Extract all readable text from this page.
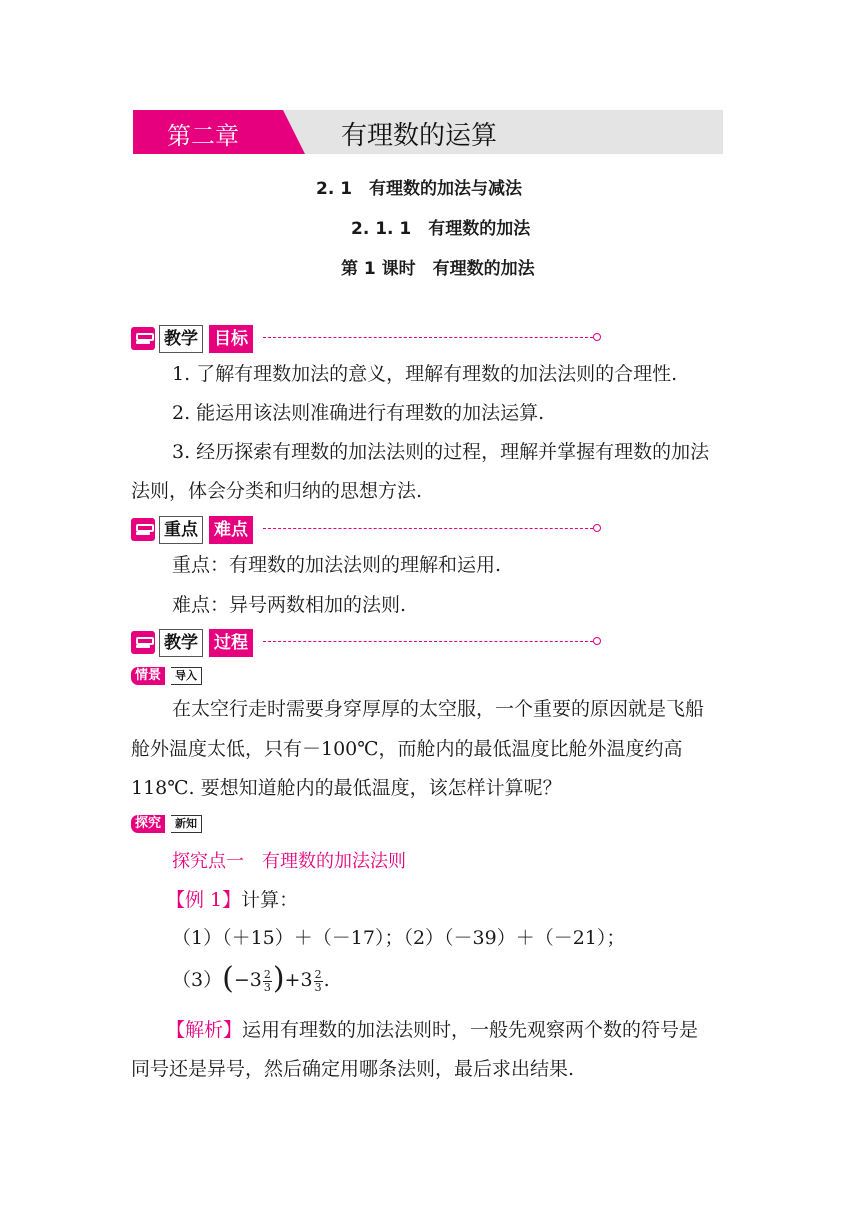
第二章	有理数的运算
2. 1　有理数的加法与减法
2. 1. 1　有理数的加法
第 1 课时　有理数的加法
教学 目标
1. 了解有理数加法的意义，理解有理数的加法法则的合理性.
2. 能运用该法则准确进行有理数的加法运算.
3. 经历探索有理数的加法法则的过程，理解并掌握有理数的加法
法则，体会分类和归纳的思想方法.
重点 难点
重点：有理数的加法法则的理解和运用.
难点：异号两数相加的法则.
教学 过程
情景	导入
在太空行走时需要身穿厚厚的太空服，一个重要的原因就是飞船
舱外温度太低，只有－100℃，而舱内的最低温度比舱外温度约高
118℃. 要想知道舱内的最低温度，该怎样计算呢？
探究	新知
探究点一　有理数的加法法则
【例 1】计算：
（1）（＋15）＋（－17）；（2）（－39）＋（－21）；
$(3)(-3 \frac{2}{3} )+3 \frac{2}{3}$ .
【解析】运用有理数的加法法则时，一般先观察两个数的符号是
同号还是异号，然后确定用哪条法则，最后求出结果.
